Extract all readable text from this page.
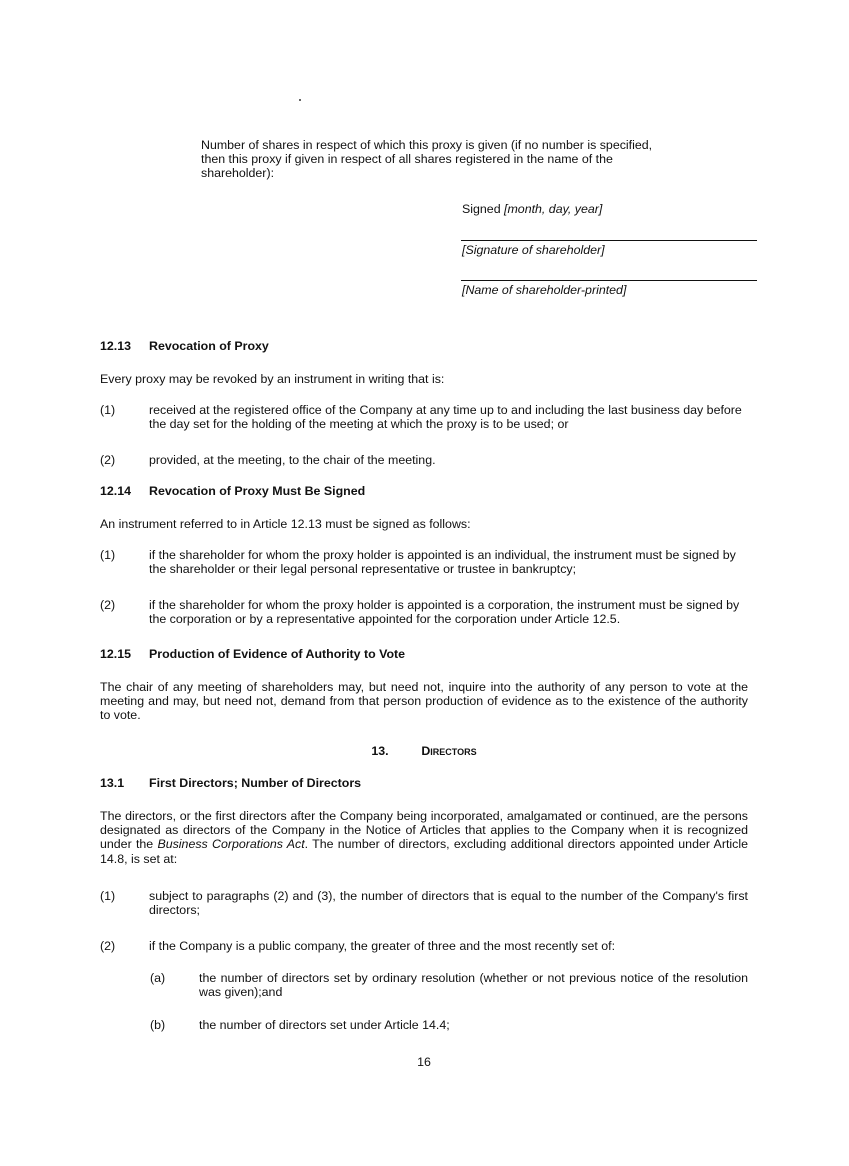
Number of shares in respect of which this proxy is given (if no number is specified, then this proxy if given in respect of all shares registered in the name of the shareholder):

Signed [month, day, year]

[Signature of shareholder]

[Name of shareholder-printed]

12.13 Revocation of Proxy

Every proxy may be revoked by an instrument in writing that is:

(1)	received at the registered office of the Company at any time up to and including the last business day before the day set for the holding of the meeting at which the proxy is to be used; or
(2)	provided, at the meeting, to the chair of the meeting.

12.14 Revocation of Proxy Must Be Signed

An instrument referred to in Article 12.13 must be signed as follows:

(1)	if the shareholder for whom the proxy holder is appointed is an individual, the instrument must be signed by the shareholder or their legal personal representative or trustee in bankruptcy;
(2)	if the shareholder for whom the proxy holder is appointed is a corporation, the instrument must be signed by the corporation or by a representative appointed for the corporation under Article 12.5.

12.15 Production of Evidence of Authority to Vote

The chair of any meeting of shareholders may, but need not, inquire into the authority of any person to vote at the meeting and may, but need not, demand from that person production of evidence as to the existence of the authority to vote.

13.	Directors

13.1 First Directors; Number of Directors

The directors, or the first directors after the Company being incorporated, amalgamated or continued, are the persons designated as directors of the Company in the Notice of Articles that applies to the Company when it is recognized under the Business Corporations Act. The number of directors, excluding additional directors appointed under Article 14.8, is set at:

(1)	subject to paragraphs (2) and (3), the number of directors that is equal to the number of the Company's first directors;
(2)	if the Company is a public company, the greater of three and the most recently set of:
(a)	the number of directors set by ordinary resolution (whether or not previous notice of the resolution was given);and
(b)	the number of directors set under Article 14.4;

16
